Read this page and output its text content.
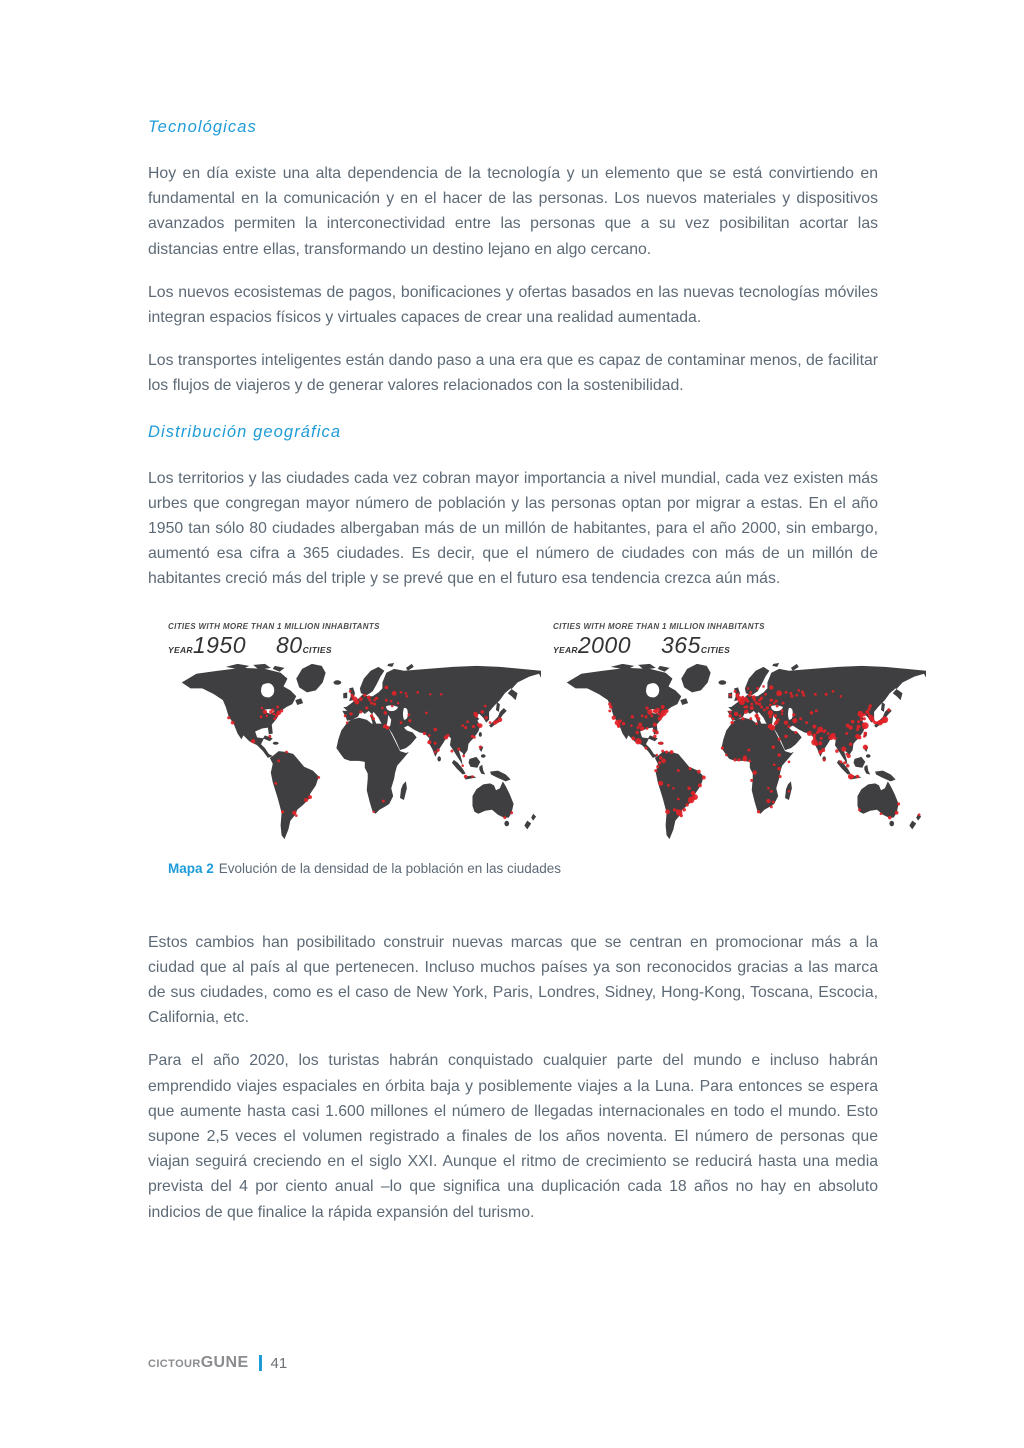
Tecnológicas

Hoy en día existe una alta dependencia de la tecnología y un elemento que se está convirtiendo en fundamental en la comunicación y en el hacer de las personas. Los nuevos materiales y dispositivos avanzados permiten la interconectividad entre las personas que a su vez posibilitan acortar las distancias entre ellas, transformando un destino lejano en algo cercano.

Los nuevos ecosistemas de pagos, bonificaciones y ofertas basados en las nuevas tecnologías móviles integran espacios físicos y virtuales capaces de crear una realidad aumentada.

Los transportes inteligentes están dando paso a una era que es capaz de contaminar menos, de facilitar los flujos de viajeros y de generar valores relacionados con la sostenibilidad.

Distribución geográfica

Los territorios y las ciudades cada vez cobran mayor importancia a nivel mundial, cada vez existen más urbes que congregan mayor número de población y las personas optan por migrar a estas. En el año 1950 tan sólo 80 ciudades albergaban más de un millón de habitantes, para el año 2000, sin embargo, aumentó esa cifra a 365 ciudades. Es decir, que el número de ciudades con más de un millón de habitantes creció más del triple y se prevé que en el futuro esa tendencia crezca aún más.

CITIES WITH MORE THAN 1 MILLION INHABITANTS
YEAR 1950 80 CITIES
CITIES WITH MORE THAN 1 MILLION INHABITANTS
YEAR 2000 365 CITIES
Mapa 2 Evolución de la densidad de la población en las ciudades

Estos cambios han posibilitado construir nuevas marcas que se centran en promocionar más a la ciudad que al país al que pertenecen. Incluso muchos países ya son reconocidos gracias a las marca de sus ciudades, como es el caso de New York, Paris, Londres, Sidney, Hong-Kong, Toscana, Escocia, California, etc.

Para el año 2020, los turistas habrán conquistado cualquier parte del mundo e incluso habrán emprendido viajes espaciales en órbita baja y posiblemente viajes a la Luna. Para entonces se espera que aumente hasta casi 1.600 millones el número de llegadas internacionales en todo el mundo. Esto supone 2,5 veces el volumen registrado a finales de los años noventa. El número de personas que viajan seguirá creciendo en el siglo XXI. Aunque el ritmo de crecimiento se reducirá hasta una media prevista del 4 por ciento anual –lo que significa una duplicación cada 18 años no hay en absoluto indicios de que finalice la rápida expansión del turismo.

cictourGUNE 41
